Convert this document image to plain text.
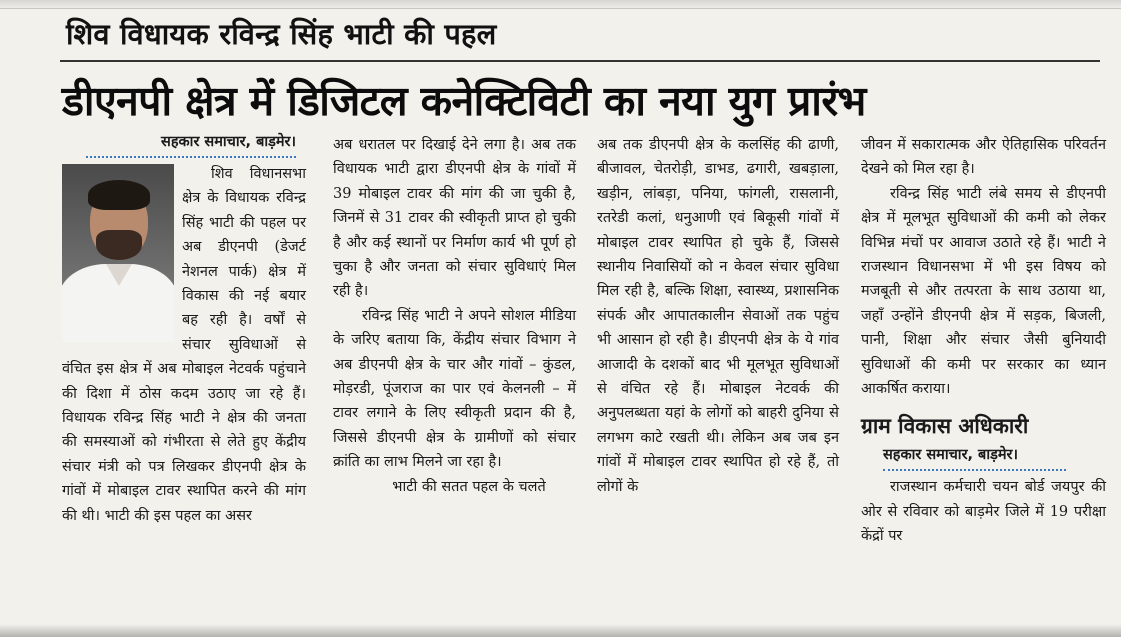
शिव विधायक रविन्द्र सिंह भाटी की पहल
डीएनपी क्षेत्र में डिजिटल कनेक्टिविटी का नया युग प्रारंभ
सहकार समाचार, बाड़मेर।

शिव विधानसभा क्षेत्र के विधायक रविन्द्र सिंह भाटी की पहल पर अब डीएनपी (डेजर्ट नेशनल पार्क) क्षेत्र में विकास की नई बयार बह रही है। वर्षों से संचार सुविधाओं से वंचित इस क्षेत्र में अब मोबाइल नेटवर्क पहुंचाने की दिशा में ठोस कदम उठाए जा रहे हैं। विधायक रविन्द्र सिंह भाटी ने क्षेत्र की जनता की समस्याओं को गंभीरता से लेते हुए केंद्रीय संचार मंत्री को पत्र लिखकर डीएनपी क्षेत्र के गांवों में मोबाइल टावर स्थापित करने की मांग की थी। भाटी की इस पहल का असर

अब धरातल पर दिखाई देने लगा है। अब तक विधायक भाटी द्वारा डीएनपी क्षेत्र के गांवों में 39 मोबाइल टावर की मांग की जा चुकी है, जिनमें से 31 टावर की स्वीकृती प्राप्त हो चुकी है और कई स्थानों पर निर्माण कार्य भी पूर्ण हो चुका है और जनता को संचार सुविधाएं मिल रही है।

रविन्द्र सिंह भाटी ने अपने सोशल मीडिया के जरिए बताया कि, केंद्रीय संचार विभाग ने अब डीएनपी क्षेत्र के चार और गांवों – कुंडल, मोड़रडी, पूंजराज का पार एवं केलनली – में टावर लगाने के लिए स्वीकृती प्रदान की है, जिससे डीएनपी क्षेत्र के ग्रामीणों को संचार क्रांति का लाभ मिलने जा रहा है।

भाटी की सतत पहल के चलते

अब तक डीएनपी क्षेत्र के कलसिंह की ढाणी, बीजावल, चेतरोड़ी, डाभड, ढगारी, खबड़ाला, खड़ीन, लांबड़ा, पनिया, फांगली, रासलानी, रतरेडी कलां, धनुआणी एवं बिकूसी गांवों में मोबाइल टावर स्थापित हो चुके हैं, जिससे स्थानीय निवासियों को न केवल संचार सुविधा मिल रही है, बल्कि शिक्षा, स्वास्थ्य, प्रशासनिक संपर्क और आपातकालीन सेवाओं तक पहुंच भी आसान हो रही है। डीएनपी क्षेत्र के ये गांव आजादी के दशकों बाद भी मूलभूत सुविधाओं से वंचित रहे हैं। मोबाइल नेटवर्क की अनुपलब्धता यहां के लोगों को बाहरी दुनिया से लगभग काटे रखती थी। लेकिन अब जब इन गांवों में मोबाइल टावर स्थापित हो रहे हैं, तो लोगों के

जीवन में सकारात्मक और ऐतिहासिक परिवर्तन देखने को मिल रहा है।

रविन्द्र सिंह भाटी लंबे समय से डीएनपी क्षेत्र में मूलभूत सुविधाओं की कमी को लेकर विभिन्न मंचों पर आवाज उठाते रहे हैं। भाटी ने राजस्थान विधानसभा में भी इस विषय को मजबूती से और तत्परता के साथ उठाया था, जहाँ उन्होंने डीएनपी क्षेत्र में सड़क, बिजली, पानी, शिक्षा और संचार जैसी बुनियादी सुविधाओं की कमी पर सरकार का ध्यान आकर्षित कराया।

ग्राम विकास अधिकारी
सहकार समाचार, बाड़मेर।

राजस्थान कर्मचारी चयन बोर्ड जयपुर की ओर से रविवार को बाड़मेर जिले में 19 परीक्षा केंद्रों पर
